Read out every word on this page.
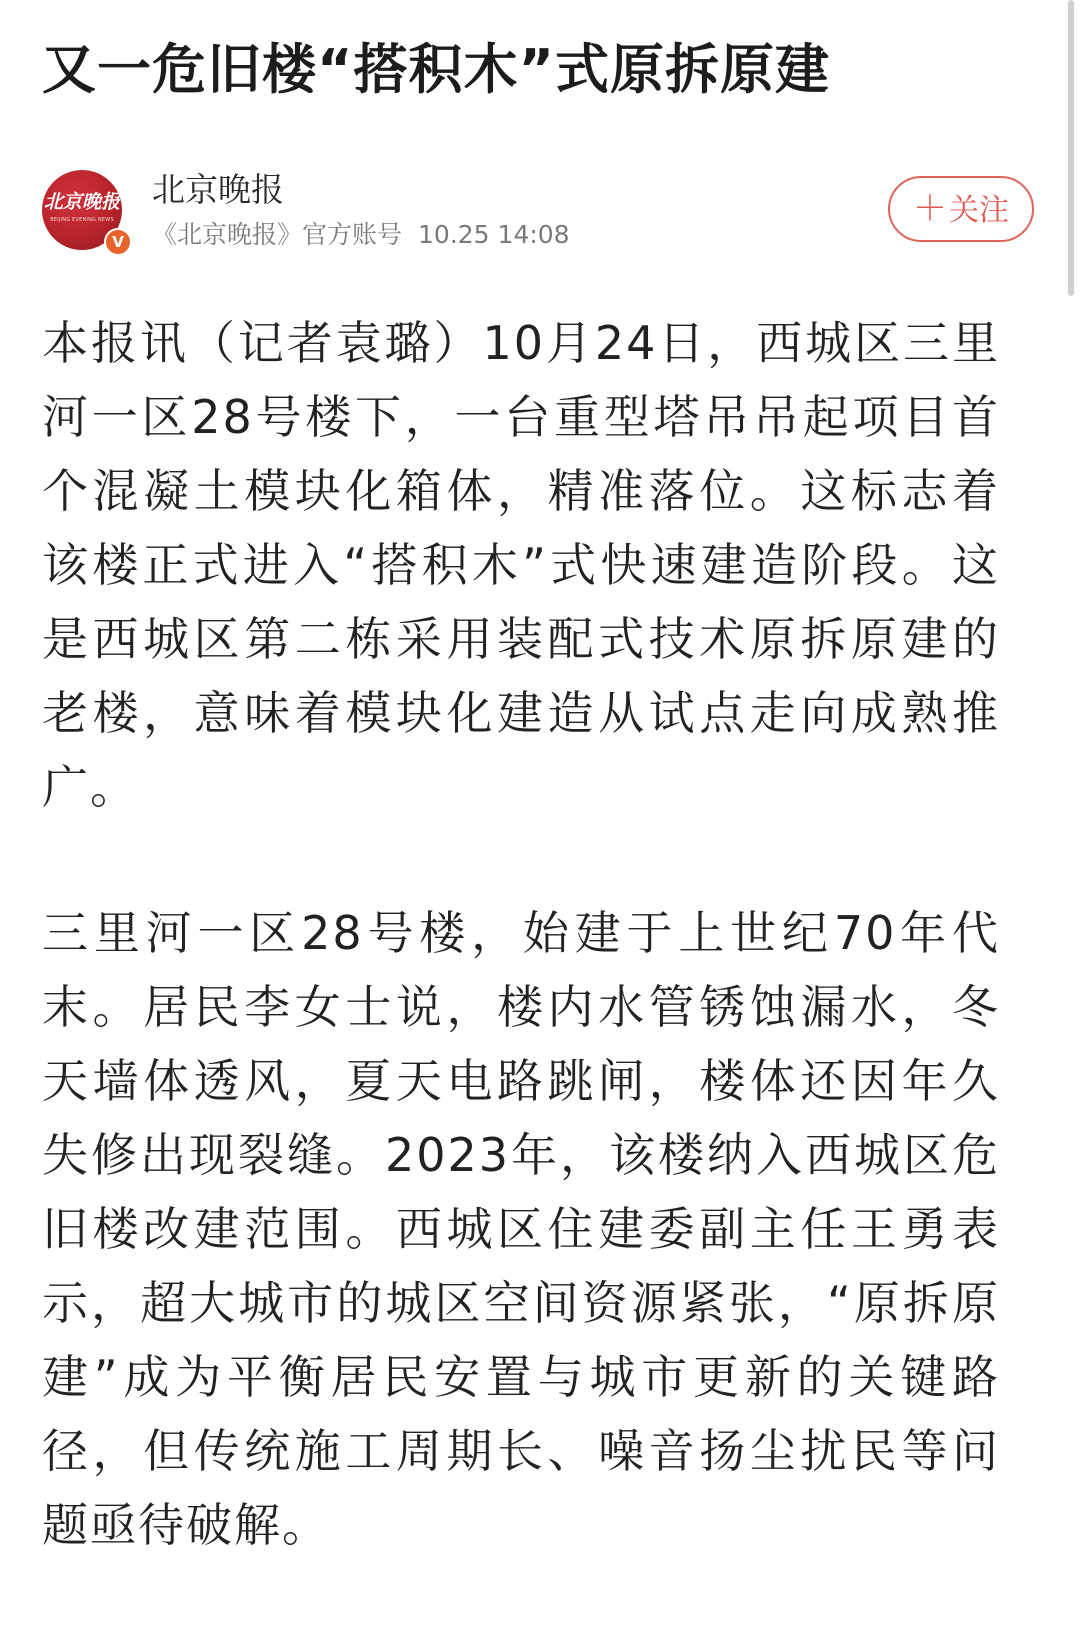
又一危旧楼“搭积木”式原拆原建
北京晚报
BEIJING EVENING NEWS
V
北京晚报
《北京晚报》官方账号 10.25 14:08
＋关注

本报讯（记者袁璐）10月24日，西城区三里河一区28号楼下，一台重型塔吊吊起项目首个混凝土模块化箱体，精准落位。这标志着该楼正式进入“搭积木”式快速建造阶段。这是西城区第二栋采用装配式技术原拆原建的老楼，意味着模块化建造从试点走向成熟推广。

三里河一区28号楼，始建于上世纪70年代末。居民李女士说，楼内水管锈蚀漏水，冬天墙体透风，夏天电路跳闸，楼体还因年久失修出现裂缝。2023年，该楼纳入西城区危旧楼改建范围。西城区住建委副主任王勇表示，超大城市的城区空间资源紧张，“原拆原建”成为平衡居民安置与城市更新的关键路径，但传统施工周期长、噪音扬尘扰民等问题亟待破解。
